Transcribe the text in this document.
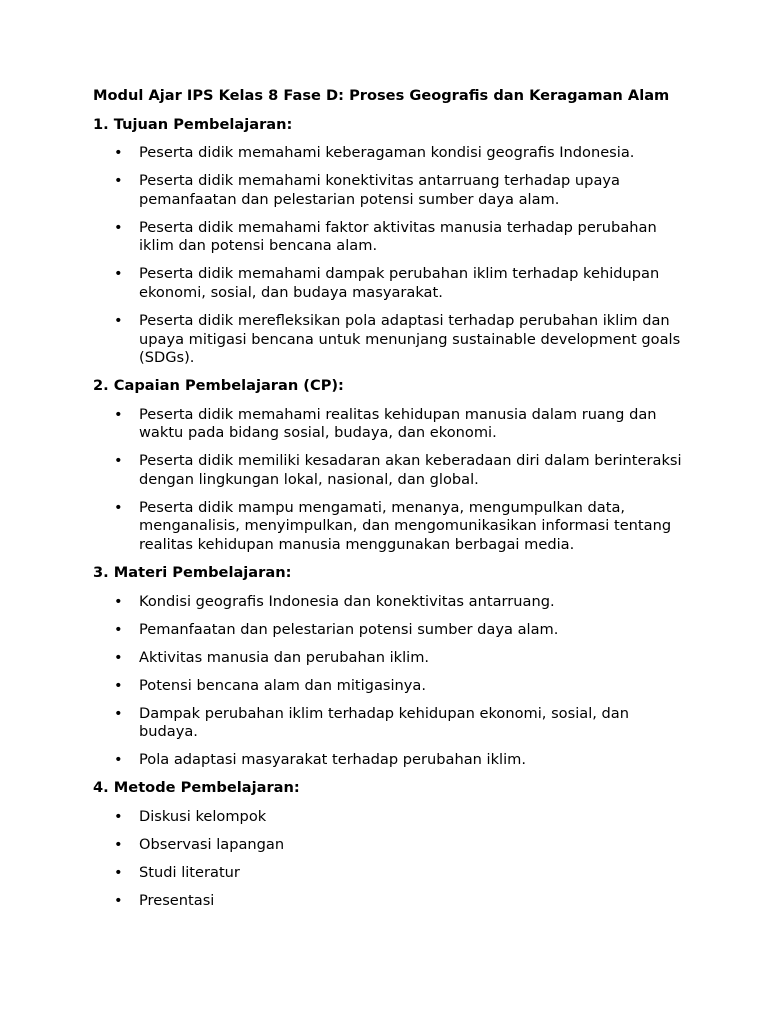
Modul Ajar IPS Kelas 8 Fase D: Proses Geografis dan Keragaman Alam
1. Tujuan Pembelajaran:
• Peserta didik memahami keberagaman kondisi geografis Indonesia.
• Peserta didik memahami konektivitas antarruang terhadap upaya pemanfaatan dan pelestarian potensi sumber daya alam.
• Peserta didik memahami faktor aktivitas manusia terhadap perubahan iklim dan potensi bencana alam.
• Peserta didik memahami dampak perubahan iklim terhadap kehidupan ekonomi, sosial, dan budaya masyarakat.
• Peserta didik merefleksikan pola adaptasi terhadap perubahan iklim dan upaya mitigasi bencana untuk menunjang sustainable development goals (SDGs).
2. Capaian Pembelajaran (CP):
• Peserta didik memahami realitas kehidupan manusia dalam ruang dan waktu pada bidang sosial, budaya, dan ekonomi.
• Peserta didik memiliki kesadaran akan keberadaan diri dalam berinteraksi dengan lingkungan lokal, nasional, dan global.
• Peserta didik mampu mengamati, menanya, mengumpulkan data, menganalisis, menyimpulkan, dan mengomunikasikan informasi tentang realitas kehidupan manusia menggunakan berbagai media.
3. Materi Pembelajaran:
• Kondisi geografis Indonesia dan konektivitas antarruang.
• Pemanfaatan dan pelestarian potensi sumber daya alam.
• Aktivitas manusia dan perubahan iklim.
• Potensi bencana alam dan mitigasinya.
• Dampak perubahan iklim terhadap kehidupan ekonomi, sosial, dan budaya.
• Pola adaptasi masyarakat terhadap perubahan iklim.
4. Metode Pembelajaran:
• Diskusi kelompok
• Observasi lapangan
• Studi literatur
• Presentasi
